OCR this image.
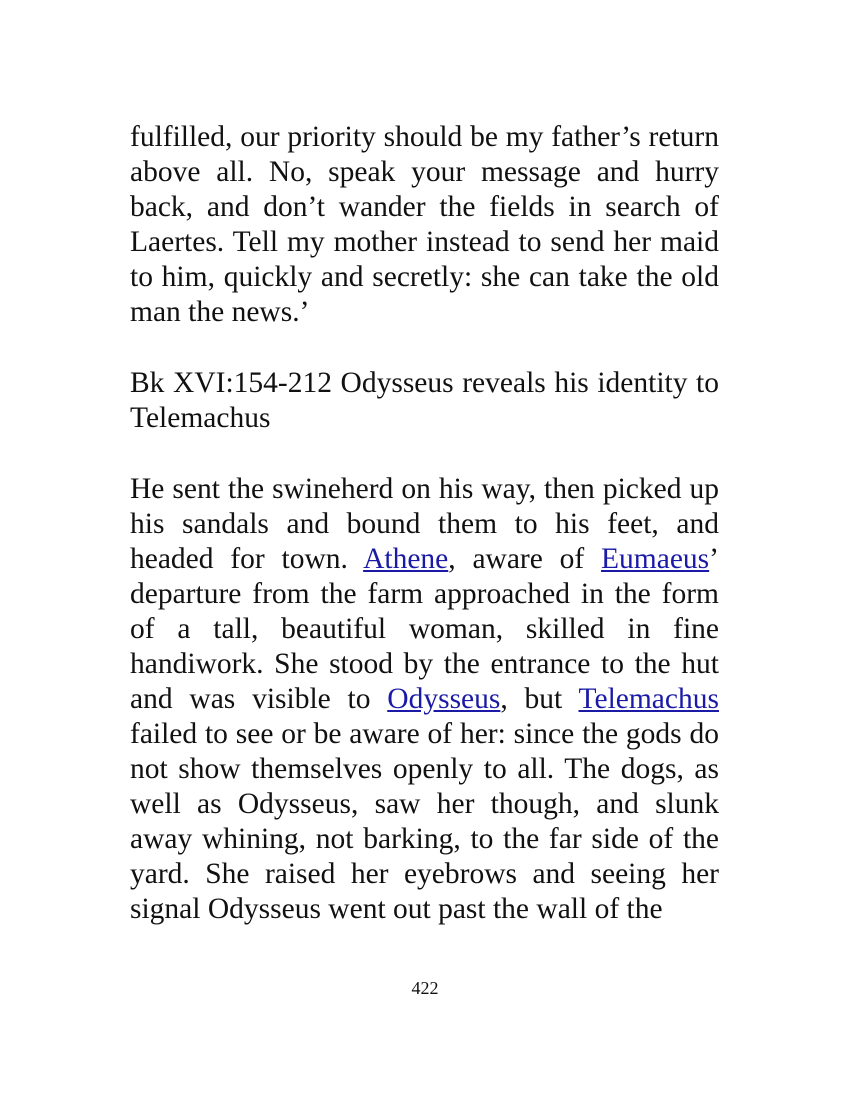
fulfilled, our priority should be my father’s return above all. No, speak your message and hurry back, and don’t wander the fields in search of Laertes. Tell my mother instead to send her maid to him, quickly and secretly: she can take the old man the news.’

Bk XVI:154-212 Odysseus reveals his identity to Telemachus

He sent the swineherd on his way, then picked up his sandals and bound them to his feet, and headed for town. Athene, aware of Eumaeus’ departure from the farm approached in the form of a tall, beautiful woman, skilled in fine handiwork. She stood by the entrance to the hut and was visible to Odysseus, but Telemachus failed to see or be aware of her: since the gods do not show themselves openly to all. The dogs, as well as Odysseus, saw her though, and slunk away whining, not barking, to the far side of the yard. She raised her eyebrows and seeing her signal Odysseus went out past the wall of the

422
